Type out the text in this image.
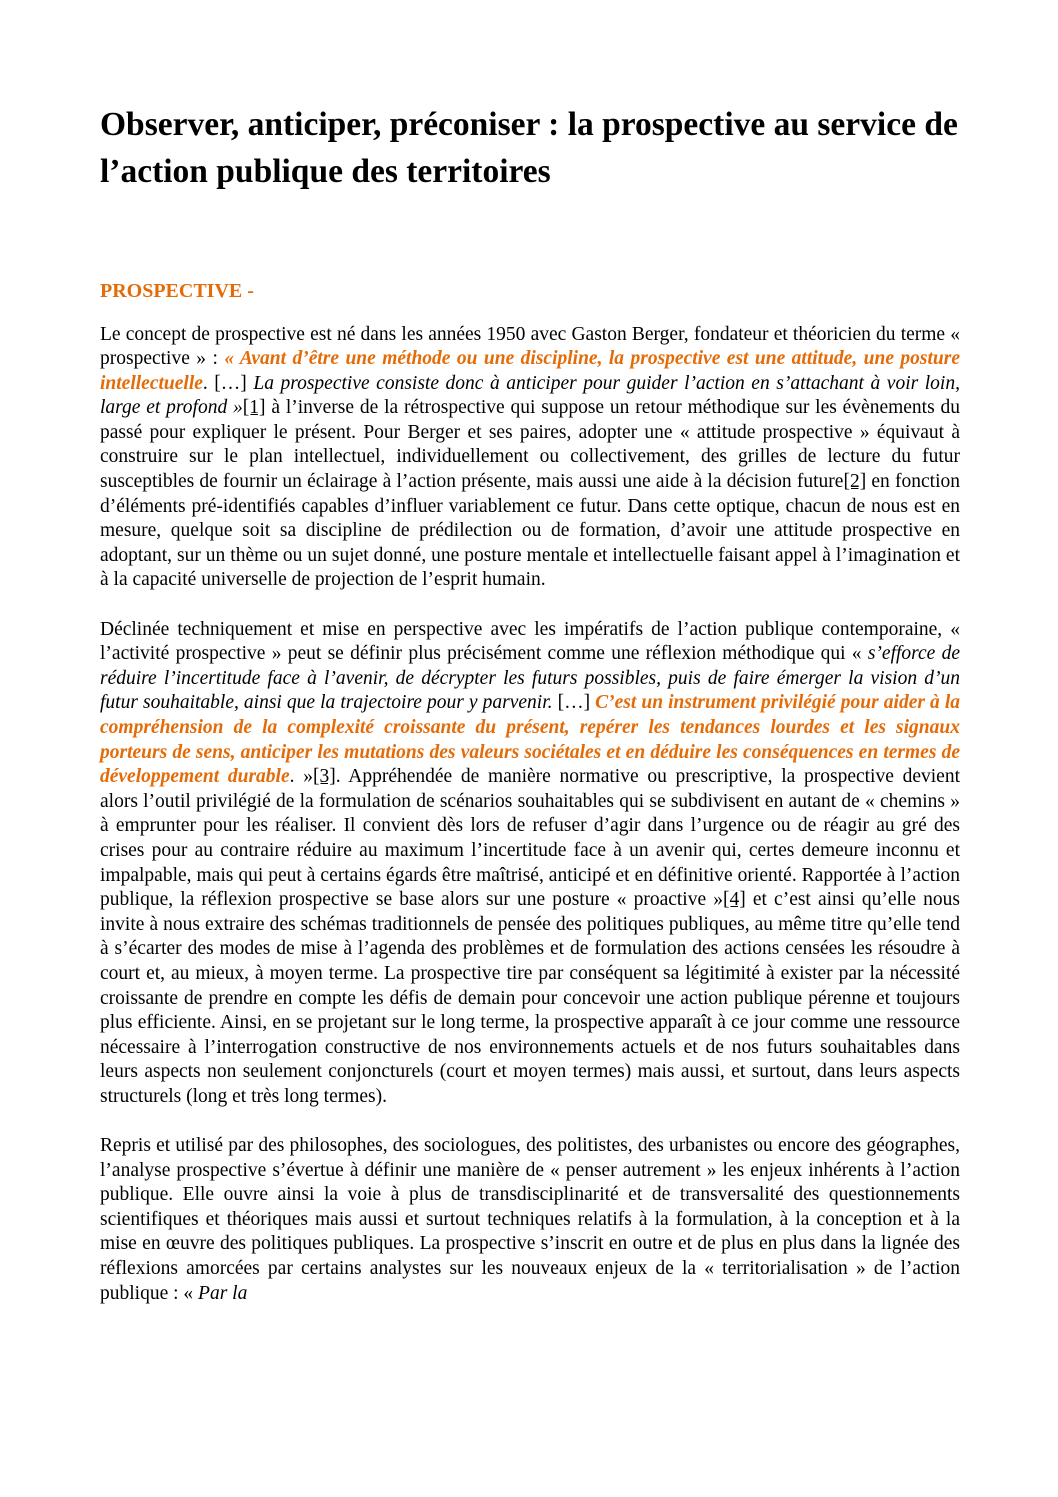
Observer, anticiper, préconiser : la prospective au service de l’action publique des territoires
PROSPECTIVE -

Le concept de prospective est né dans les années 1950 avec Gaston Berger, fondateur et théoricien du terme « prospective » : « Avant d’être une méthode ou une discipline, la prospective est une attitude, une posture intellectuelle. […] La prospective consiste donc à anticiper pour guider l’action en s’attachant à voir loin, large et profond »[1] à l’inverse de la rétrospective qui suppose un retour méthodique sur les évènements du passé pour expliquer le présent. Pour Berger et ses paires, adopter une « attitude prospective » équivaut à construire sur le plan intellectuel, individuellement ou collectivement, des grilles de lecture du futur susceptibles de fournir un éclairage à l’action présente, mais aussi une aide à la décision future[2] en fonction d’éléments pré-identifiés capables d’influer variablement ce futur. Dans cette optique, chacun de nous est en mesure, quelque soit sa discipline de prédilection ou de formation, d’avoir une attitude prospective en adoptant, sur un thème ou un sujet donné, une posture mentale et intellectuelle faisant appel à l’imagination et à la capacité universelle de projection de l’esprit humain.

Déclinée techniquement et mise en perspective avec les impératifs de l’action publique contemporaine, « l’activité prospective » peut se définir plus précisément comme une réflexion méthodique qui « s’efforce de réduire l’incertitude face à l’avenir, de décrypter les futurs possibles, puis de faire émerger la vision d’un futur souhaitable, ainsi que la trajectoire pour y parvenir. […] C’est un instrument privilégié pour aider à la compréhension de la complexité croissante du présent, repérer les tendances lourdes et les signaux porteurs de sens, anticiper les mutations des valeurs sociétales et en déduire les conséquences en termes de développement durable. »[3]. Appréhendée de manière normative ou prescriptive, la prospective devient alors l’outil privilégié de la formulation de scénarios souhaitables qui se subdivisent en autant de « chemins » à emprunter pour les réaliser. Il convient dès lors de refuser d’agir dans l’urgence ou de réagir au gré des crises pour au contraire réduire au maximum l’incertitude face à un avenir qui, certes demeure inconnu et impalpable, mais qui peut à certains égards être maîtrisé, anticipé et en définitive orienté. Rapportée à l’action publique, la réflexion prospective se base alors sur une posture « proactive »[4] et c’est ainsi qu’elle nous invite à nous extraire des schémas traditionnels de pensée des politiques publiques, au même titre qu’elle tend à s’écarter des modes de mise à l’agenda des problèmes et de formulation des actions censées les résoudre à court et, au mieux, à moyen terme. La prospective tire par conséquent sa légitimité à exister par la nécessité croissante de prendre en compte les défis de demain pour concevoir une action publique pérenne et toujours plus efficiente. Ainsi, en se projetant sur le long terme, la prospective apparaît à ce jour comme une ressource nécessaire à l’interrogation constructive de nos environnements actuels et de nos futurs souhaitables dans leurs aspects non seulement conjoncturels (court et moyen termes) mais aussi, et surtout, dans leurs aspects structurels (long et très long termes).

Repris et utilisé par des philosophes, des sociologues, des politistes, des urbanistes ou encore des géographes, l’analyse prospective s’évertue à définir une manière de « penser autrement » les enjeux inhérents à l’action publique. Elle ouvre ainsi la voie à plus de transdisciplinarité et de transversalité des questionnements scientifiques et théoriques mais aussi et surtout techniques relatifs à la formulation, à la conception et à la mise en œuvre des politiques publiques. La prospective s’inscrit en outre et de plus en plus dans la lignée des réflexions amorcées par certains analystes sur les nouveaux enjeux de la « territorialisation » de l’action publique : « Par la
